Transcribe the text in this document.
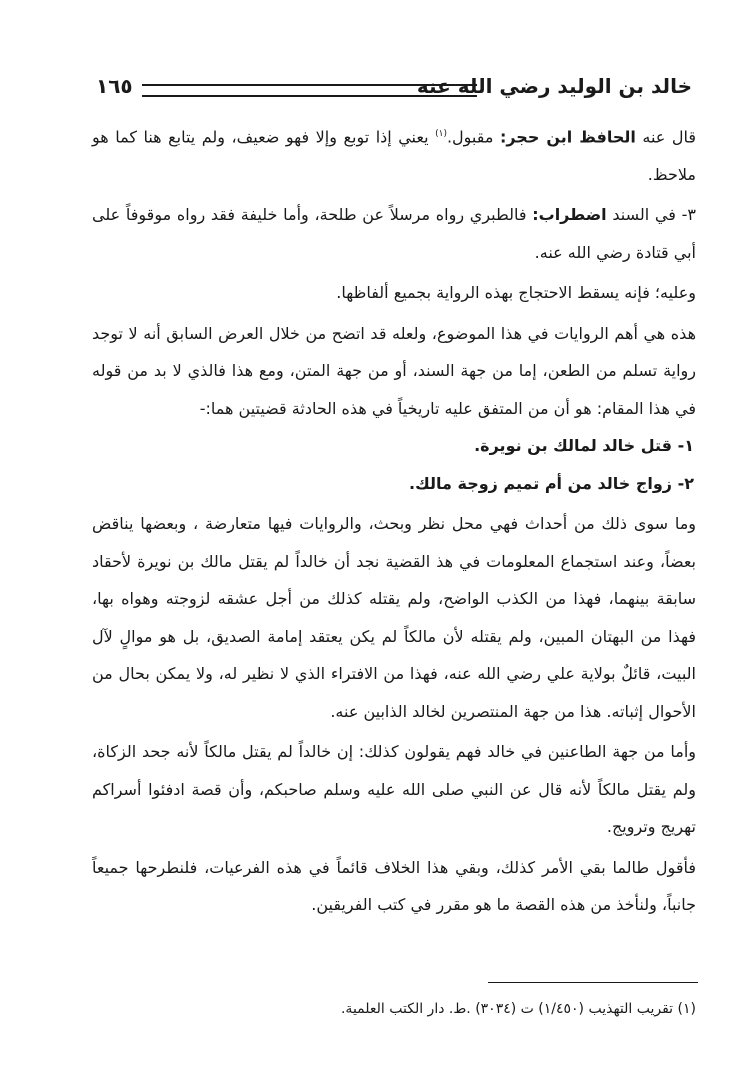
خالد بن الوليد رضي الله عنه
١٦٥

قال عنه الحافظ ابن حجر: مقبول.$^{(١)}$ يعني إذا توبع وإلا فهو ضعيف، ولم يتابع هنا كما هو ملاحظ.

٣- في السند اضطراب: فالطبري رواه مرسلاً عن طلحة، وأما خليفة فقد رواه موقوفاً على أبي قتادة رضي الله عنه.

وعليه؛ فإنه يسقط الاحتجاج بهذه الرواية بجميع ألفاظها.

هذه هي أهم الروايات في هذا الموضوع، ولعله قد اتضح من خلال العرض السابق أنه لا توجد رواية تسلم من الطعن، إما من جهة السند، أو من جهة المتن، ومع هذا فالذي لا بد من قوله في هذا المقام: هو أن من المتفق عليه تاريخياً في هذه الحادثة قضيتين هما:-

١- قتل خالد لمالك بن نويرة.

٢- زواج خالد من أم تميم زوجة مالك.

وما سوى ذلك من أحداث فهي محل نظر وبحث، والروايات فيها متعارضة ، وبعضها يناقض بعضاً، وعند استجماع المعلومات في هذ القضية نجد أن خالداً لم يقتل مالك بن نويرة لأحقاد سابقة بينهما، فهذا من الكذب الواضح، ولم يقتله كذلك من أجل عشقه لزوجته وهواه بها، فهذا من البهتان المبين، ولم يقتله لأن مالكاً لم يكن يعتقد إمامة الصديق، بل هو موالٍ لآل البيت، قائلٌ بولاية علي رضي الله عنه، فهذا من الافتراء الذي لا نظير له، ولا يمكن بحال من الأحوال إثباته. هذا من جهة المنتصرين لخالد الذابين عنه.

وأما من جهة الطاعنين في خالد فهم يقولون كذلك: إن خالداً لم يقتل مالكاً لأنه جحد الزكاة، ولم يقتل مالكاً لأنه قال عن النبي صلى الله عليه وسلم صاحبكم، وأن قصة ادفئوا أسراكم تهريج وترويج.

فأقول طالما بقي الأمر كذلك، وبقي هذا الخلاف قائماً في هذه الفرعيات، فلنطرحها جميعاً جانباً، ولنأخذ من هذه القصة ما هو مقرر في كتب الفريقين.

(١) تقريب التهذيب (١/٤٥٠) ت (٣٠٣٤) .ط. دار الكتب العلمية.
